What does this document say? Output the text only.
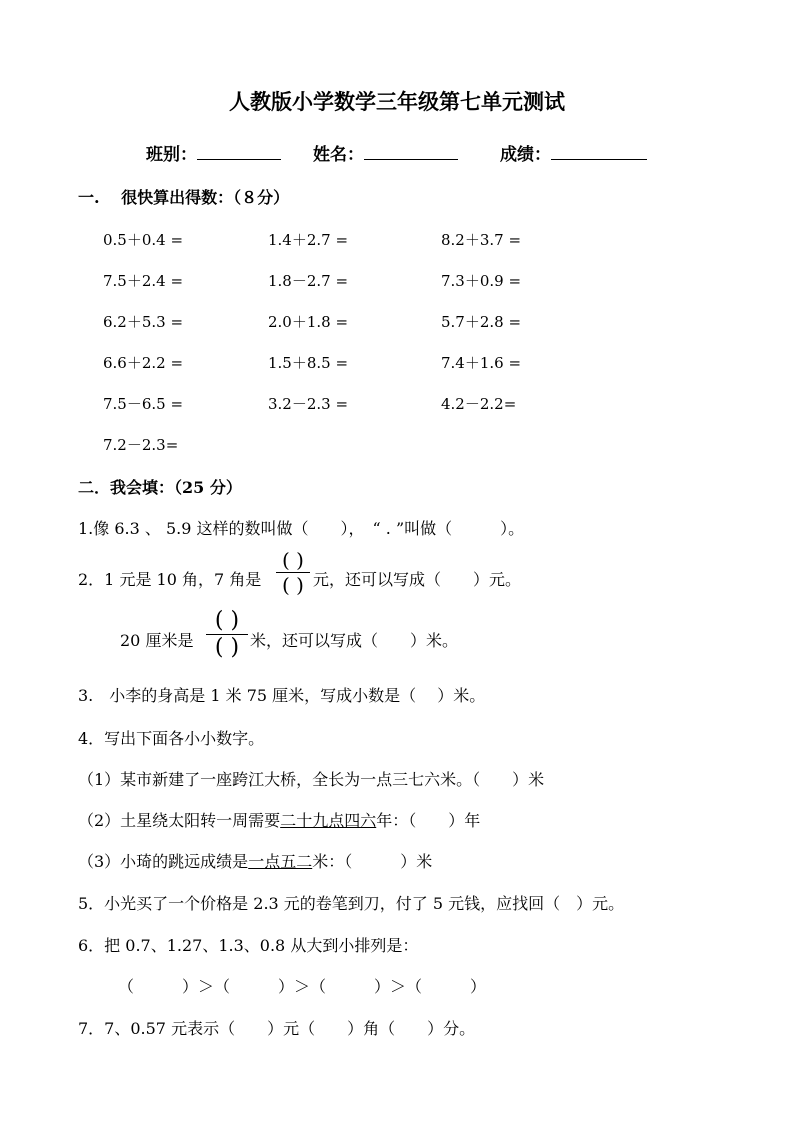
人教版小学数学三年级第七单元测试
班别：	姓名：	成绩：
一.　 很快算出得数：（８分）
0.5＋0.4 =	1.4＋2.7 =	8.2＋3.7 =
7.5＋2.4 =	1.8－2.7 =	7.3＋0.9 =
6.2＋5.3 =	2.0＋1.8 =	5.7＋2.8 =
6.6＋2.2 =	1.5＋8.5 =	7.4＋1.6 =
7.5－6.5 =	3.2－2.3 =	4.2－2.2=
7.2－2.3=
二．我会填：（25 分）
1.像 6.3 、 5.9 这样的数叫做（　　），　“ . ”叫做（　　　）。
2．1 元是 10 角，7 角是
( )
( ) 元，还可以写成（　　）元。
20 厘米是
( )
( ) 米，还可以写成（　　）米。
3.　小李的身高是 1 米 75 厘米，写成小数是（　 ）米。
4．写出下面各小小数字。
（1）某市新建了一座跨江大桥，全长为一点三七六米。（　　）米
（2）土星绕太阳转一周需要二十九点四六年：（　　）年
（3）小琦的跳远成绩是一点五二米：（　　　）米
5．小光买了一个价格是 2.3 元的卷笔到刀，付了 5 元钱，应找回（　）元。
6．把 0.7、1.27、1.3、0.8 从大到小排列是：
（　　　）＞（　　　）＞（　　　）＞（　　　）
7．7、0.57 元表示（　　）元（　　）角（　　）分。
